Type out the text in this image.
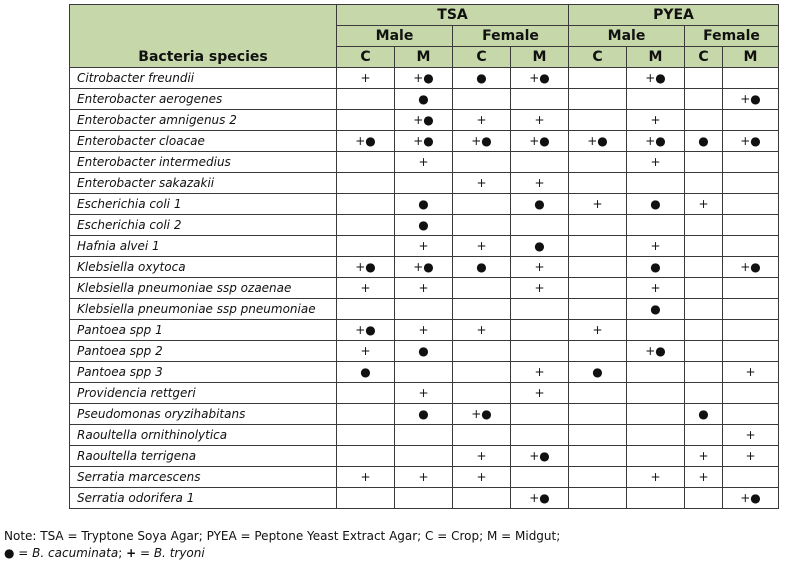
Bacteria species	TSA				PYEA			
	Male		Female		Male		Female	
	C	M	C	M	C	M	C	M
Citrobacter freundii	+	+●	●	+●		+●		
Enterobacter aerogenes		●						+●
Enterobacter amnigenus 2		+●	+	+		+		
Enterobacter cloacae	+●	+●	+●	+●	+●	+●	●	+●
Enterobacter intermedius		+				+		
Enterobacter sakazakii			+	+				
Escherichia coli 1		●		●	+	●	+	
Escherichia coli 2		●						
Hafnia alvei 1		+	+	●		+		
Klebsiella oxytoca	+●	+●	●	+		●		+●
Klebsiella pneumoniae ssp ozaenae	+	+		+		+		
Klebsiella pneumoniae ssp pneumoniae						●		
Pantoea spp 1	+●	+	+		+			
Pantoea spp 2	+	●				+●		
Pantoea spp 3	●			+	●			+
Providencia rettgeri		+		+				
Pseudomonas oryzihabitans		●	+●				●	
Raoultella ornithinolytica								+
Raoultella terrigena			+	+●			+	+
Serratia marcescens	+	+	+			+	+	
Serratia odorifera 1				+●				+●
Note: TSA = Tryptone Soya Agar; PYEA = Peptone Yeast Extract Agar; C = Crop; M = Midgut;
● = B. cacuminata; + = B. tryoni
